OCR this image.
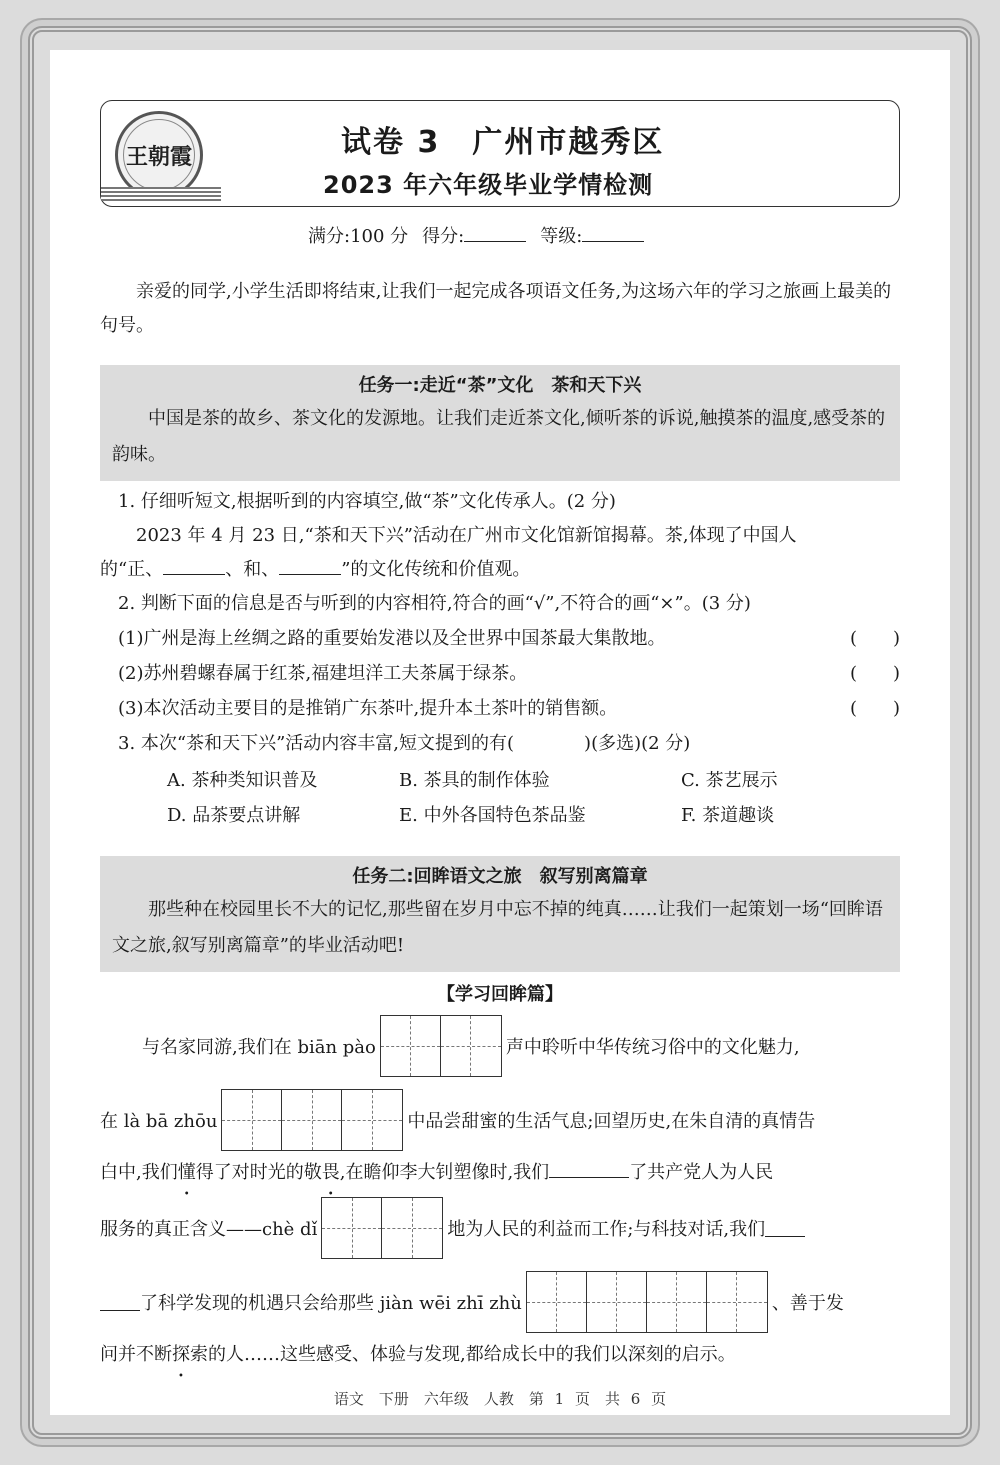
王朝霞	试卷 3　广州市越秀区
2023 年六年级毕业学情检测
满分:100 分 得分:	等级:
亲爱的同学,小学生活即将结束,让我们一起完成各项语文任务,为这场六年的学习之旅画上最美的句号。
任务一:走近“茶”文化　茶和天下兴
中国是茶的故乡、茶文化的发源地。让我们走近茶文化,倾听茶的诉说,触摸茶的温度,感受茶的韵味。
1. 仔细听短文,根据听到的内容填空,做“茶”文化传承人。(2 分)
2023 年 4 月 23 日,“茶和天下兴”活动在广州市文化馆新馆揭幕。茶,体现了中国人
的“正、	、和、	”的文化传统和价值观。
2. 判断下面的信息是否与听到的内容相符,符合的画“√”,不符合的画“×”。(3 分)
(1)广州是海上丝绸之路的重要始发港以及全世界中国茶最大集散地。	(　　)
(2)苏州碧螺春属于红茶,福建坦洋工夫茶属于绿茶。	(　　)
(3)本次活动主要目的是推销广东茶叶,提升本土茶叶的销售额。	(　　)
3. 本次“茶和天下兴”活动内容丰富,短文提到的有(	)(多选)(2 分)
A. 茶种类知识普及	B. 茶具的制作体验	C. 茶艺展示
D. 品茶要点讲解	E. 中外各国特色茶品鉴	F. 茶道趣谈
任务二:回眸语文之旅　叙写别离篇章
那些种在校园里长不大的记忆,那些留在岁月中忘不掉的纯真……让我们一起策划一场“回眸语文之旅,叙写别离篇章”的毕业活动吧!
【学习回眸篇】
与名家同游,我们在 biān pào	声中聆听中华传统习俗中的文化魅力,
在 là bā zhōu	中品尝甜蜜的生活气息;回望历史,在朱自清的真情告
白中,我们懂得了对时光的敬畏,在瞻仰李大钊塑像时,我们	了共产党人为人民
服务的真正含义——chè dǐ	地为人民的利益而工作;与科技对话,我们
了科学发现的机遇只会给那些 jiàn wēi zhī zhù	、善于发
问并不断探索的人……这些感受、体验与发现,都给成长中的我们以深刻的启示。
语文　下册　六年级　人教　第 1 页　共 6 页
